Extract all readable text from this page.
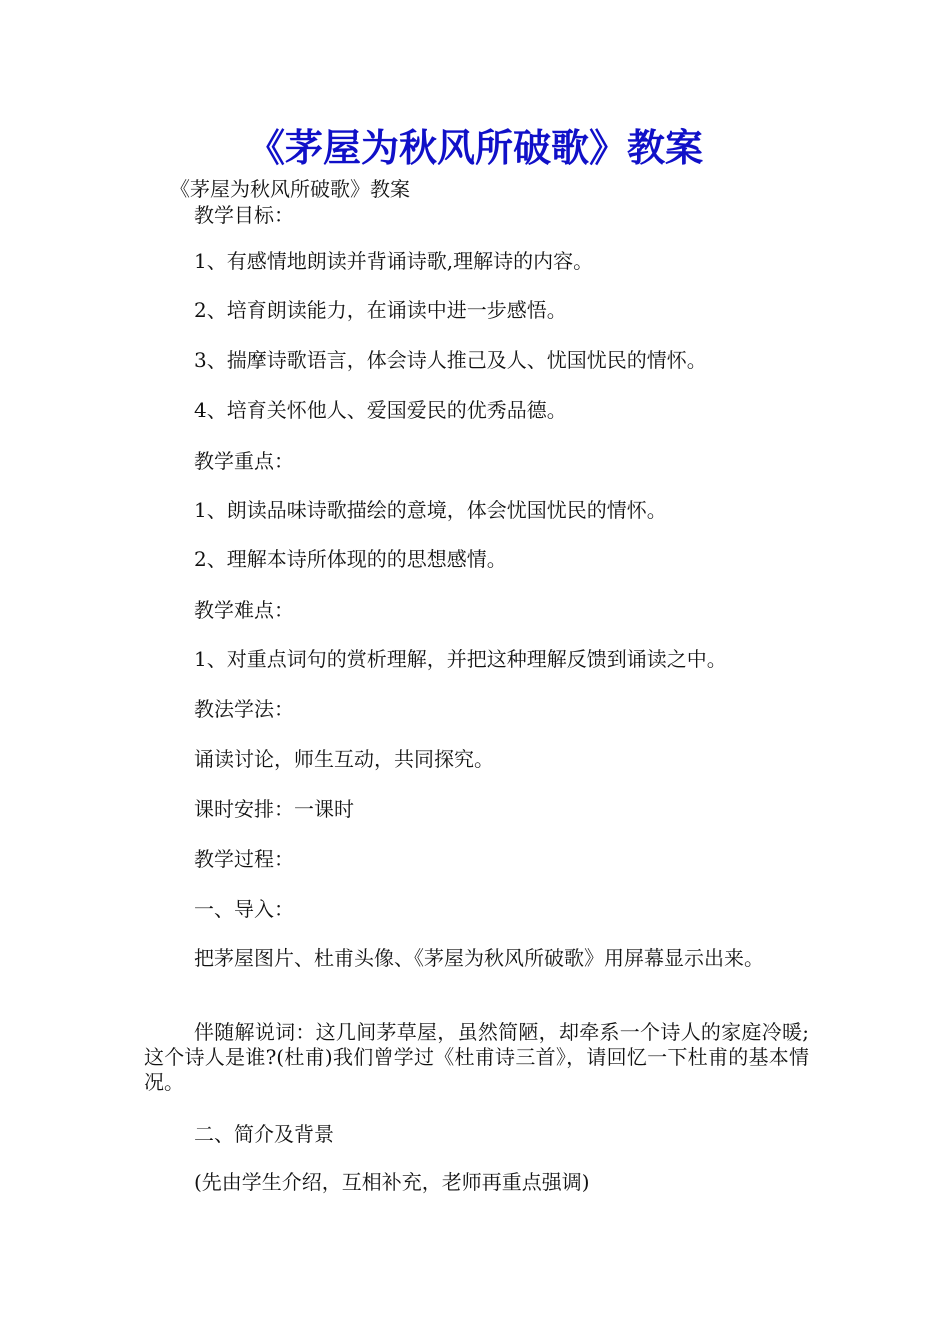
《茅屋为秋风所破歌》教案
《茅屋为秋风所破歌》教案
教学目标：
1、有感情地朗读并背诵诗歌,理解诗的内容。
2、培育朗读能力，在诵读中进一步感悟。
3、揣摩诗歌语言，体会诗人推己及人、忧国忧民的情怀。
4、培育关怀他人、爱国爱民的优秀品德。
教学重点：
1、朗读品味诗歌描绘的意境，体会忧国忧民的情怀。
2、理解本诗所体现的的思想感情。
教学难点：
1、对重点词句的赏析理解，并把这种理解反馈到诵读之中。
教法学法：
诵读讨论，师生互动，共同探究。
课时安排：一课时
教学过程：
一、导入：
把茅屋图片、杜甫头像、《茅屋为秋风所破歌》用屏幕显示出来。
伴随解说词：这几间茅草屋，虽然简陋，却牵系一个诗人的家庭冷暖;这个诗人是谁?(杜甫)我们曾学过《杜甫诗三首》，请回忆一下杜甫的基本情况。
二、简介及背景
(先由学生介绍，互相补充，老师再重点强调)
